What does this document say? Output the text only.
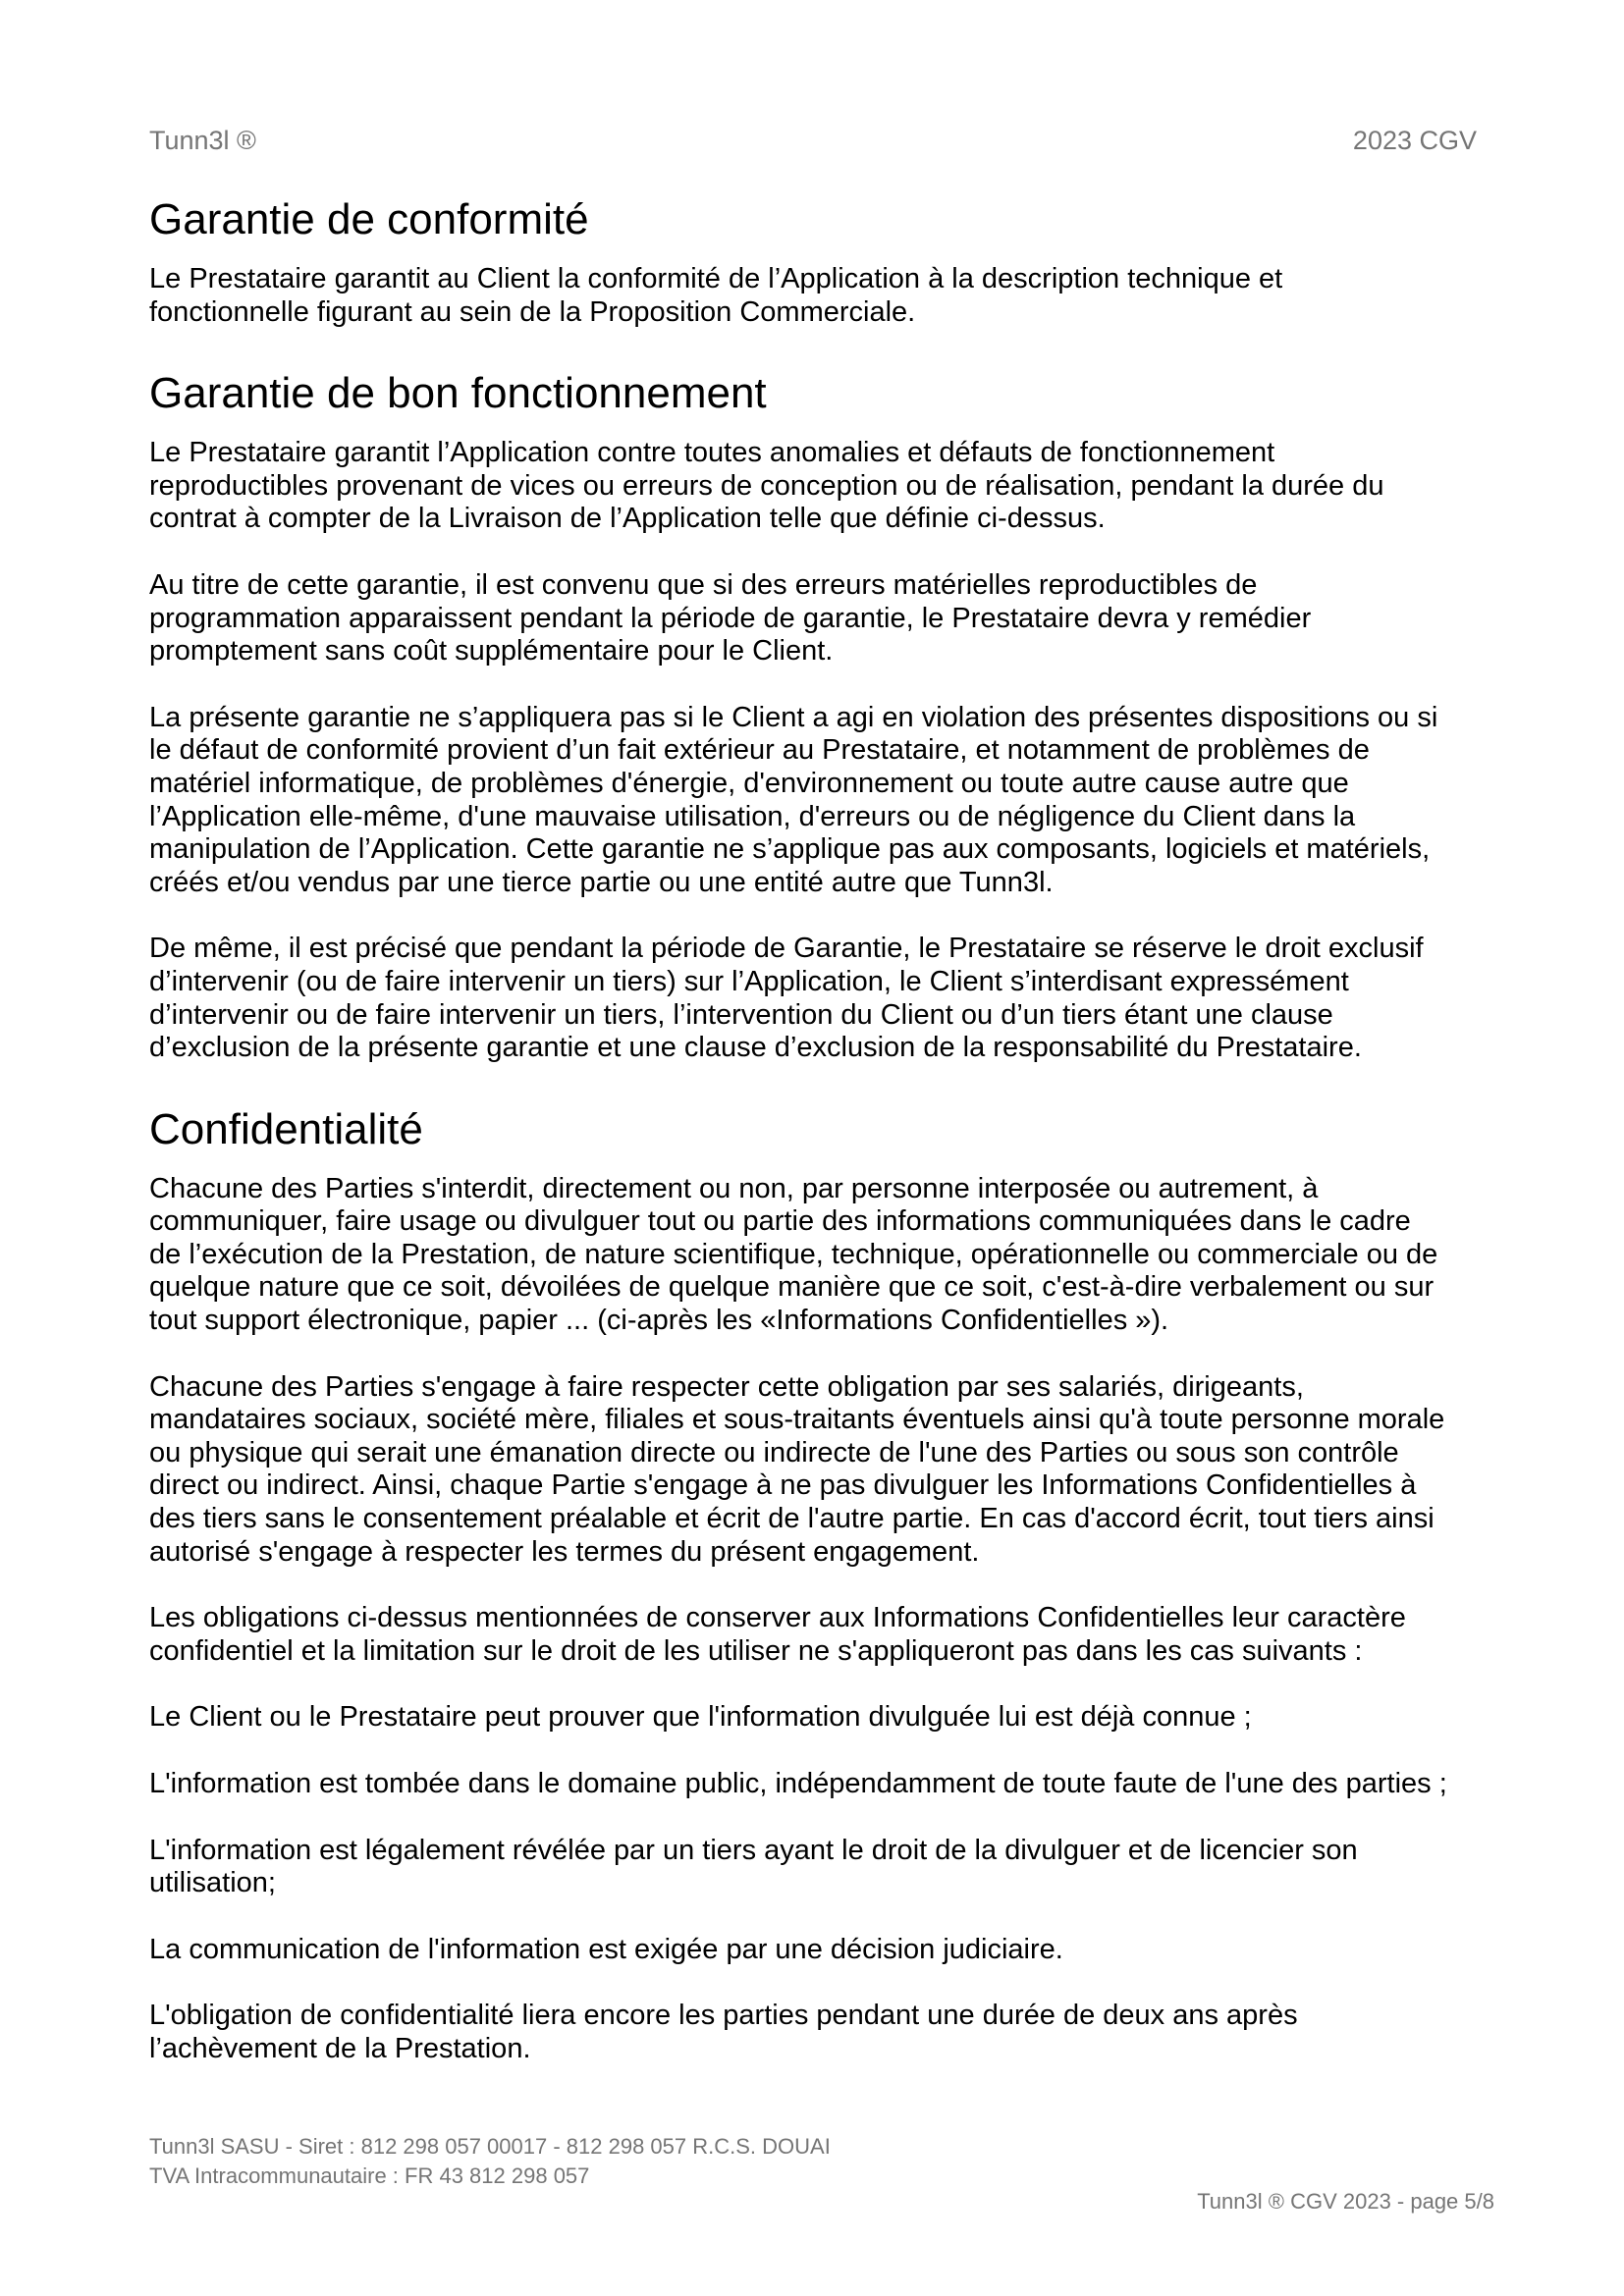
Tunn3l ®	2023 CGV
Garantie de conformité

Le Prestataire garantit au Client la conformité de l’Application à la description technique et
fonctionnelle figurant au sein de la Proposition Commerciale.

Garantie de bon fonctionnement

Le Prestataire garantit l’Application contre toutes anomalies et défauts de fonctionnement
reproductibles provenant de vices ou erreurs de conception ou de réalisation, pendant la durée du
contrat à compter de la Livraison de l’Application telle que définie ci-dessus.

Au titre de cette garantie, il est convenu que si des erreurs matérielles reproductibles de
programmation apparaissent pendant la période de garantie, le Prestataire devra y remédier
promptement sans coût supplémentaire pour le Client.

La présente garantie ne s’appliquera pas si le Client a agi en violation des présentes dispositions ou si
le défaut de conformité provient d’un fait extérieur au Prestataire, et notamment de problèmes de
matériel informatique, de problèmes d'énergie, d'environnement ou toute autre cause autre que
l’Application elle-même, d'une mauvaise utilisation, d'erreurs ou de négligence du Client dans la
manipulation de l’Application. Cette garantie ne s’applique pas aux composants, logiciels et matériels,
créés et/ou vendus par une tierce partie ou une entité autre que Tunn3l.

De même, il est précisé que pendant la période de Garantie, le Prestataire se réserve le droit exclusif
d’intervenir (ou de faire intervenir un tiers) sur l’Application, le Client s’interdisant expressément
d’intervenir ou de faire intervenir un tiers, l’intervention du Client ou d’un tiers étant une clause
d’exclusion de la présente garantie et une clause d’exclusion de la responsabilité du Prestataire.

Confidentialité

Chacune des Parties s'interdit, directement ou non, par personne interposée ou autrement, à
communiquer, faire usage ou divulguer tout ou partie des informations communiquées dans le cadre
de l’exécution de la Prestation, de nature scientifique, technique, opérationnelle ou commerciale ou de
quelque nature que ce soit, dévoilées de quelque manière que ce soit, c'est-à-dire verbalement ou sur
tout support électronique, papier ... (ci-après les «Informations Confidentielles »).

Chacune des Parties s'engage à faire respecter cette obligation par ses salariés, dirigeants,
mandataires sociaux, société mère, filiales et sous-traitants éventuels ainsi qu'à toute personne morale
ou physique qui serait une émanation directe ou indirecte de l'une des Parties ou sous son contrôle
direct ou indirect. Ainsi, chaque Partie s'engage à ne pas divulguer les Informations Confidentielles à
des tiers sans le consentement préalable et écrit de l'autre partie. En cas d'accord écrit, tout tiers ainsi
autorisé s'engage à respecter les termes du présent engagement.

Les obligations ci-dessus mentionnées de conserver aux Informations Confidentielles leur caractère
confidentiel et la limitation sur le droit de les utiliser ne s'appliqueront pas dans les cas suivants :

Le Client ou le Prestataire peut prouver que l'information divulguée lui est déjà connue ;

L'information est tombée dans le domaine public, indépendamment de toute faute de l'une des parties ;

L'information est légalement révélée par un tiers ayant le droit de la divulguer et de licencier son
utilisation;

La communication de l'information est exigée par une décision judiciaire.

L'obligation de confidentialité liera encore les parties pendant une durée de deux ans après
l’achèvement de la Prestation.

Tunn3l SASU - Siret : 812 298 057 00017 - 812 298 057 R.C.S. DOUAI
TVA Intracommunautaire : FR 43 812 298 057
Tunn3l ® CGV 2023 - page 5/8
